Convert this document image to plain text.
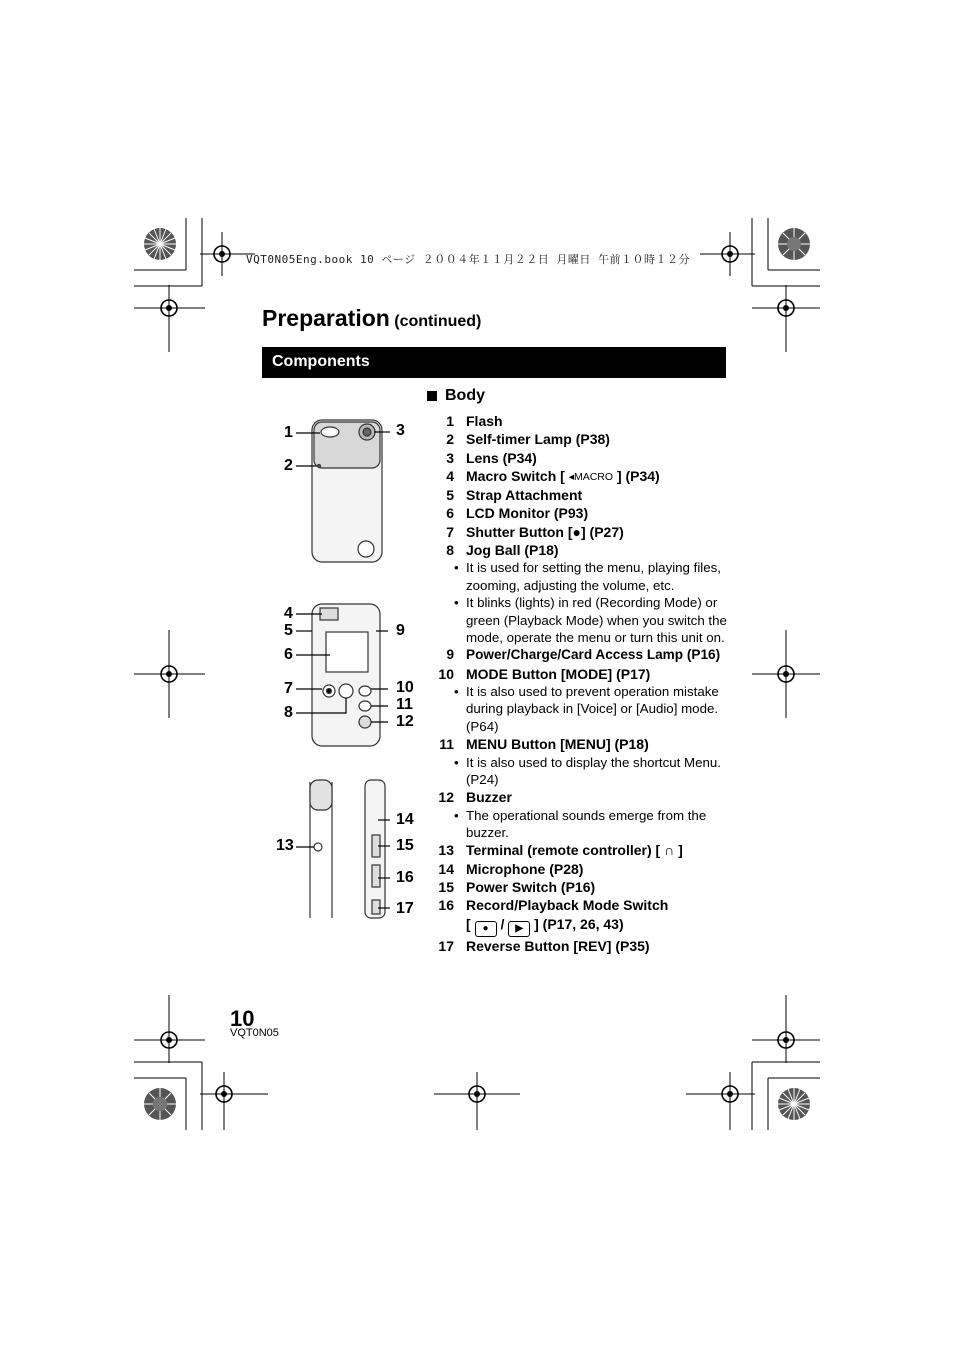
VQT0N05Eng.book 10 ページ ２００４年１１月２２日 月曜日 午前１０時１２分
Preparation (continued)
Components
1
2
3
4
5
6
9
7
8
10
11
12
13
14
15
16
17
Body
1 Flash
2 Self-timer Lamp (P38)
3 Lens (P34)
4 Macro Switch [ ◂MACRO ] (P34)
5 Strap Attachment
6 LCD Monitor (P93)
7 Shutter Button [●] (P27)
8 Jog Ball (P18)
• It is used for setting the menu, playing files, zooming, adjusting the volume, etc.
• It blinks (lights) in red (Recording Mode) or green (Playback Mode) when you switch the mode, operate the menu or turn this unit on.
9 Power/Charge/Card Access Lamp (P16)
10 MODE Button [MODE] (P17)
• It is also used to prevent operation mistake during playback in [Voice] or [Audio] mode. (P64)
11 MENU Button [MENU] (P18)
• It is also used to display the shortcut Menu. (P24)
12 Buzzer
• The operational sounds emerge from the buzzer.
13 Terminal (remote controller) [ ∩ ]
14 Microphone (P28)
15 Power Switch (P16)
16 Record/Playback Mode Switch
[ ● / ▶ ] (P17, 26, 43)
17 Reverse Button [REV] (P35)
10
VQT0N05
